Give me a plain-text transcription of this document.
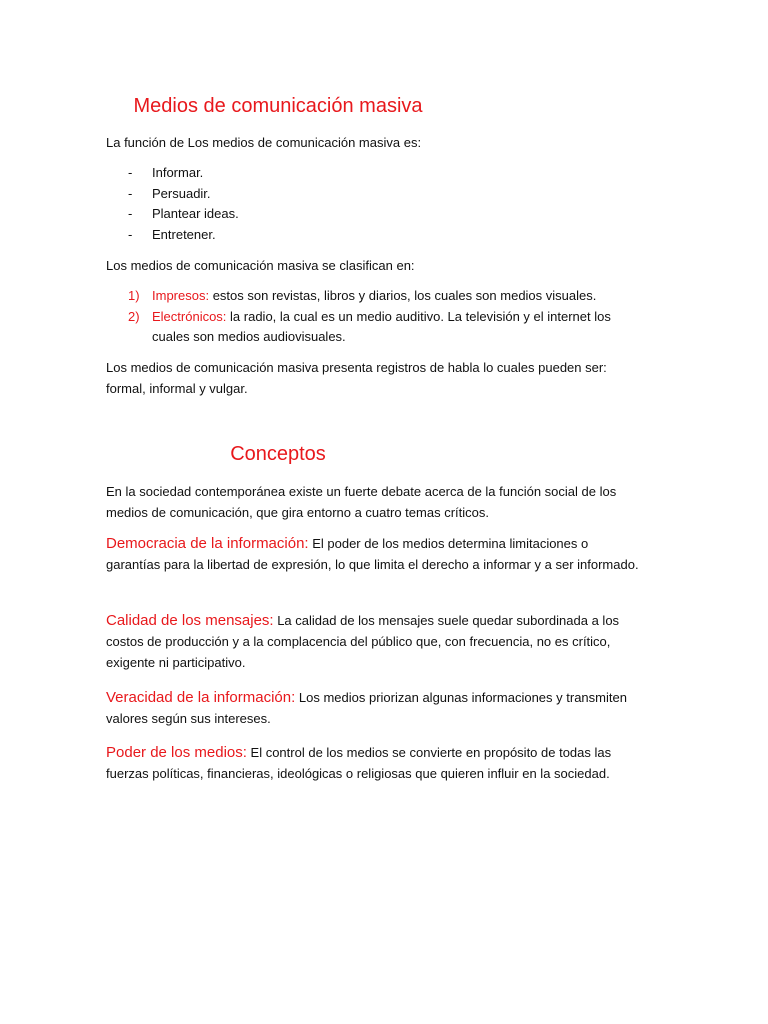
Medios de comunicación masiva

La función de Los medios de comunicación masiva es:

- Informar.
- Persuadir.
- Plantear ideas.
- Entretener.

Los medios de comunicación masiva se clasifican en:

1) Impresos: estos son revistas, libros y diarios, los cuales son medios visuales.
2) Electrónicos: la radio, la cual es un medio auditivo. La televisión y el internet los cuales son medios audiovisuales.

Los medios de comunicación masiva presenta registros de habla lo cuales pueden ser: formal, informal y vulgar.

Conceptos

En la sociedad contemporánea existe un fuerte debate acerca de la función social de los medios de comunicación, que gira entorno a cuatro temas críticos.

Democracia de la información: El poder de los medios determina limitaciones o garantías para la libertad de expresión, lo que limita el derecho a informar y a ser informado.

Calidad de los mensajes: La calidad de los mensajes suele quedar subordinada a los costos de producción y a la complacencia del público que, con frecuencia, no es crítico, exigente ni participativo.

Veracidad de la información: Los medios priorizan algunas informaciones y transmiten valores según sus intereses.

Poder de los medios: El control de los medios se convierte en propósito de todas las fuerzas políticas, financieras, ideológicas o religiosas que quieren influir en la sociedad.
